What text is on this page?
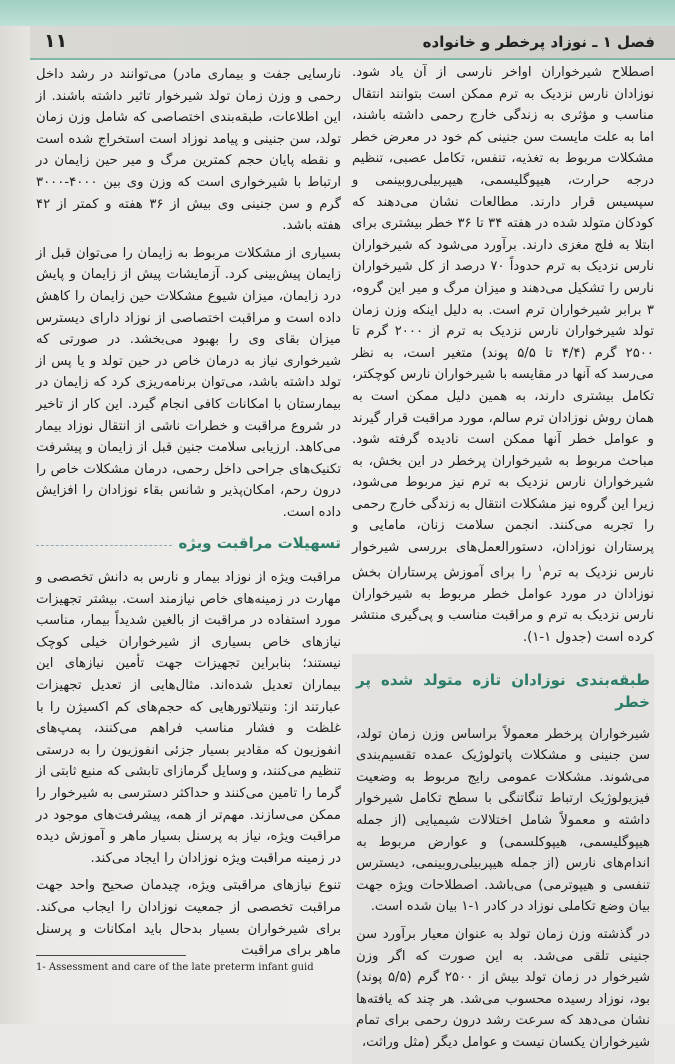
۱۱	فصل ۱ ـ نوزاد پرخطر و خانواده

اصطلاح شیرخواران اواخر نارسی از آن یاد شود. نوزادان نارس نزدیک به ترم ممکن است بتوانند انتقال مناسب و مؤثری به زندگی خارج رحمی داشته باشند، اما به علت مایست سن جنینی کم خود در معرض خطر مشکلات مربوط به تغذیه، تنفس، تکامل عصبی، تنظیم درجه حرارت، هیپوگلیسمی، هیپربیلی‌روبینمی و سپسیس قرار دارند. مطالعات نشان می‌دهند که کودکان متولد شده در هفته ۳۴ تا ۳۶ خطر بیشتری برای ابتلا به فلج مغزی دارند. برآورد می‌شود که شیرخواران نارس نزدیک به ترم حدوداً ۷۰ درصد از کل شیرخواران نارس را تشکیل می‌دهند و میزان مرگ و میر این گروه، ۳ برابر شیرخواران ترم است. به دلیل اینکه وزن زمان تولد شیرخواران نارس نزدیک به ترم از ۲۰۰۰ گرم تا ۲۵۰۰ گرم (۴/۴ تا ۵/۵ پوند) متغیر است، به نظر می‌رسد که آنها در مقایسه با شیرخواران نارس کوچکتر، تکامل بیشتری دارند، به همین دلیل ممکن است به همان روش نوزادان ترم سالم، مورد مراقبت قرار گیرند و عوامل خطر آنها ممکن است نادیده گرفته شود. مباحث مربوط به شیرخواران پرخطر در این بخش، به شیرخواران نارس نزدیک به ترم نیز مربوط می‌شود، زیرا این گروه نیز مشکلات انتقال به زندگی خارج رحمی را تجربه می‌کنند. انجمن سلامت زنان، مامایی و پرستاران نوزادان، دستورالعمل‌های بررسی شیرخوار نارس نزدیک به ترم$^۱$ را برای آموزش پرستاران بخش نوزادان در مورد عوامل خطر مربوط به شیرخواران نارس نزدیک به ترم و مراقبت مناسب و پی‌گیری منتشر کرده است (جدول ۱-۱).

طبقه‌بندی نوزادان تازه متولد شده پر خطر

شیرخواران پرخطر معمولاً براساس وزن زمان تولد، سن جنینی و مشکلات پاتولوژیک عمده تقسیم‌بندی می‌شوند. مشکلات عمومی رایج مربوط به وضعیت فیزیولوژیک ارتباط تنگاتنگی با سطح تکامل شیرخوار داشته و معمولاً شامل اختلالات شیمیایی (از جمله هیپوگلیسمی، هیپوکلسمی) و عوارض مربوط به اندام‌های نارس (از جمله هیپربیلی‌روبینمی، دیسترس تنفسی و هیپوترمی) می‌باشد. اصطلاحات ویژه جهت بیان وضع تکاملی نوزاد در کادر ۱-۱ بیان شده است.

در گذشته وزن زمان تولد به عنوان معیار برآورد سن جنینی تلقی می‌شد. به این صورت که اگر وزن شیرخوار در زمان تولد بیش از ۲۵۰۰ گرم (۵/۵ پوند) بود، نوزاد رسیده محسوب می‌شد. هر چند که یافته‌ها نشان می‌دهد که سرعت رشد درون رحمی برای تمام شیرخواران یکسان نیست و عوامل دیگر (مثل وراثت،

نارسایی جفت و بیماری مادر) می‌توانند در رشد داخل رحمی و وزن زمان تولد شیرخوار تاثیر داشته باشند. از این اطلاعات، طبقه‌بندی اختصاصی که شامل وزن زمان تولد، سن جنینی و پیامد نوزاد است استخراج شده است و نقطه پایان حجم کمترین مرگ و میر حین زایمان در ارتباط با شیرخواری است که وزن وی بین ۴۰۰۰-۳۰۰۰ گرم و سن جنینی وی بیش از ۳۶ هفته و کمتر از ۴۲ هفته باشد.

بسیاری از مشکلات مربوط به زایمان را می‌توان قبل از زایمان پیش‌بینی کرد. آزمایشات پیش از زایمان و پایش درد زایمان، میزان شیوع مشکلات حین زایمان را کاهش داده است و مراقبت اختصاصی از نوزاد دارای دیسترس میزان بقای وی را بهبود می‌بخشد. در صورتی که شیرخواری نیاز به درمان خاص در حین تولد و یا پس از تولد داشته باشد، می‌توان برنامه‌ریزی کرد که زایمان در بیمارستان با امکانات کافی انجام گیرد. این کار از تاخیر در شروع مراقبت و خطرات ناشی از انتقال نوزاد بیمار می‌کاهد. ارزیابی سلامت جنین قبل از زایمان و پیشرفت تکنیک‌های جراحی داخل رحمی، درمان مشکلات خاص را درون رحم، امکان‌پذیر و شانس بقاء نوزادان را افزایش داده است.

تسهیلات مراقبت ویژه

مراقبت ویژه از نوزاد بیمار و نارس به دانش تخصصی و مهارت در زمینه‌های خاص نیازمند است. بیشتر تجهیزات مورد استفاده در مراقبت از بالغین شدیداً بیمار، مناسب نیازهای خاص بسیاری از شیرخواران خیلی کوچک نیستند؛ بنابراین تجهیزات جهت تأمین نیازهای این بیماران تعدیل شده‌اند. مثال‌هایی از تعدیل تجهیزات عبارتند از: ونتیلاتورهایی که حجم‌های کم اکسیژن را با غلظت و فشار مناسب فراهم می‌کنند، پمپ‌های انفوزیون که مقادیر بسیار جزئی انفوزیون را به درستی تنظیم می‌کنند، و وسایل گرمازای تابشی که منبع ثابتی از گرما را تامین می‌کنند و حداکثر دسترسی به شیرخوار را ممکن می‌سازند. مهم‌تر از همه، پیشرفت‌های موجود در مراقبت ویژه، نیاز به پرسنل بسیار ماهر و آموزش دیده در زمینه مراقبت ویژه نوزادان را ایجاد می‌کند.

تنوع نیازهای مراقبتی ویژه، چیدمان صحیح واحد جهت مراقبت تخصصی از جمعیت نوزادان را ایجاب می‌کند. برای شیرخواران بسیار بدحال باید امکانات و پرسنل ماهر برای مراقبت

1- Assessment and care of the late preterm infant guid
